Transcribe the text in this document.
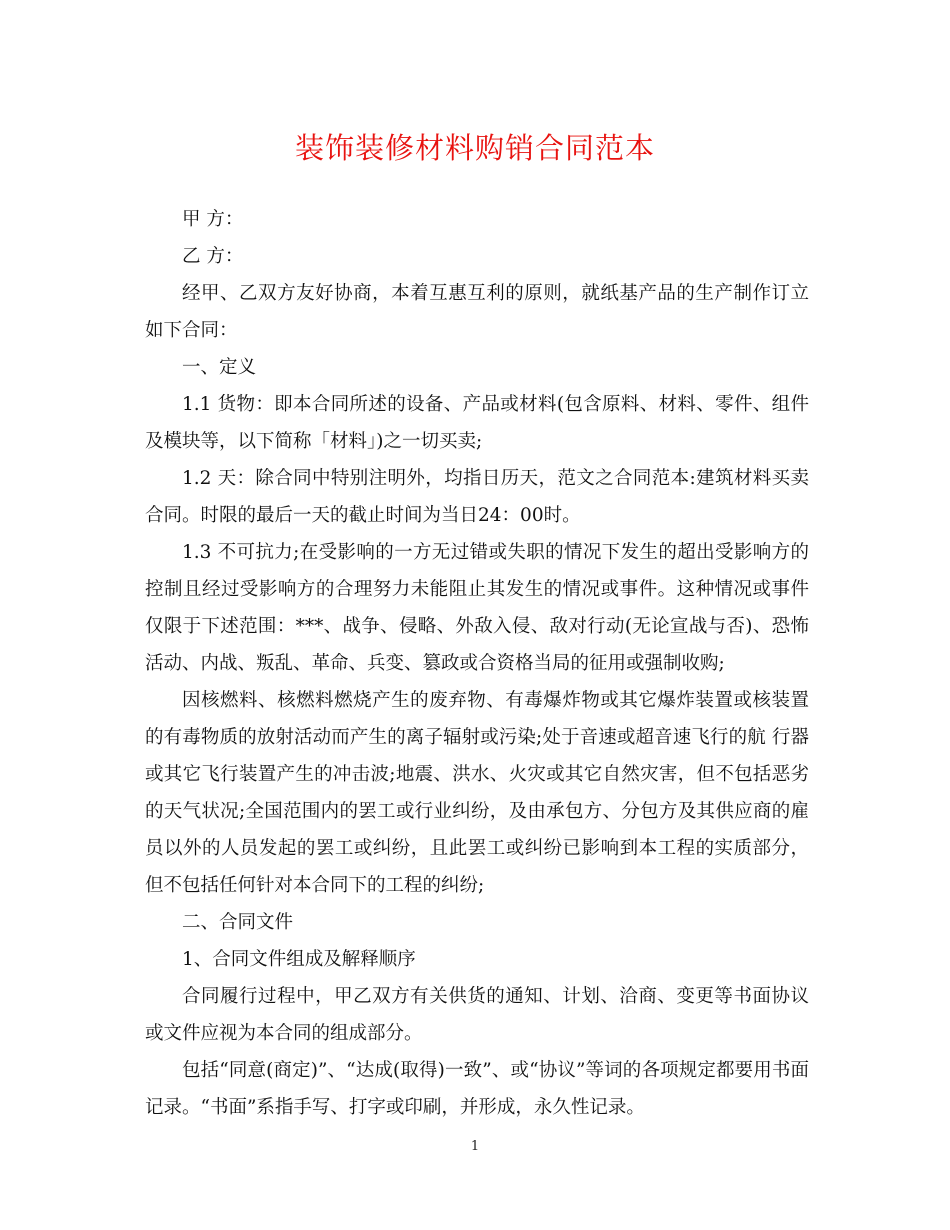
装饰装修材料购销合同范本

甲 方：

乙 方：

经甲、乙双方友好协商，本着互惠互利的原则，就纸基产品的生产制作订立如下合同：

一、定义

1.1 货物：即本合同所述的设备、产品或材料(包含原料、材料、零件、组件及模块等，以下简称「材料」)之一切买卖;

1.2 天：除合同中特别注明外，均指日历天，范文之合同范本:建筑材料买卖合同。时限的最后一天的截止时间为当日24：00时。

1.3 不可抗力;在受影响的一方无过错或失职的情况下发生的超出受影响方的控制且经过受影响方的合理努力未能阻止其发生的情况或事件。这种情况或事件仅限于下述范围：***、战争、侵略、外敌入侵、敌对行动(无论宣战与否)、恐怖活动、内战、叛乱、革命、兵变、篡政或合资格当局的征用或强制收购;

因核燃料、核燃料燃烧产生的废弃物、有毒爆炸物或其它爆炸装置或核装置的有毒物质的放射活动而产生的离子辐射或污染;处于音速或超音速飞行的航 行器或其它飞行装置产生的冲击波;地震、洪水、火灾或其它自然灾害，但不包括恶劣的天气状况;全国范围内的罢工或行业纠纷，及由承包方、分包方及其供应商的雇员以外的人员发起的罢工或纠纷，且此罢工或纠纷已影响到本工程的实质部分，但不包括任何针对本合同下的工程的纠纷;

二、合同文件

1、合同文件组成及解释顺序

合同履行过程中，甲乙双方有关供货的通知、计划、洽商、变更等书面协议或文件应视为本合同的组成部分。

包括“同意(商定)”、“达成(取得)一致”、或“协议”等词的各项规定都要用书面记录。“书面”系指手写、打字或印刷，并形成，永久性记录。

1
